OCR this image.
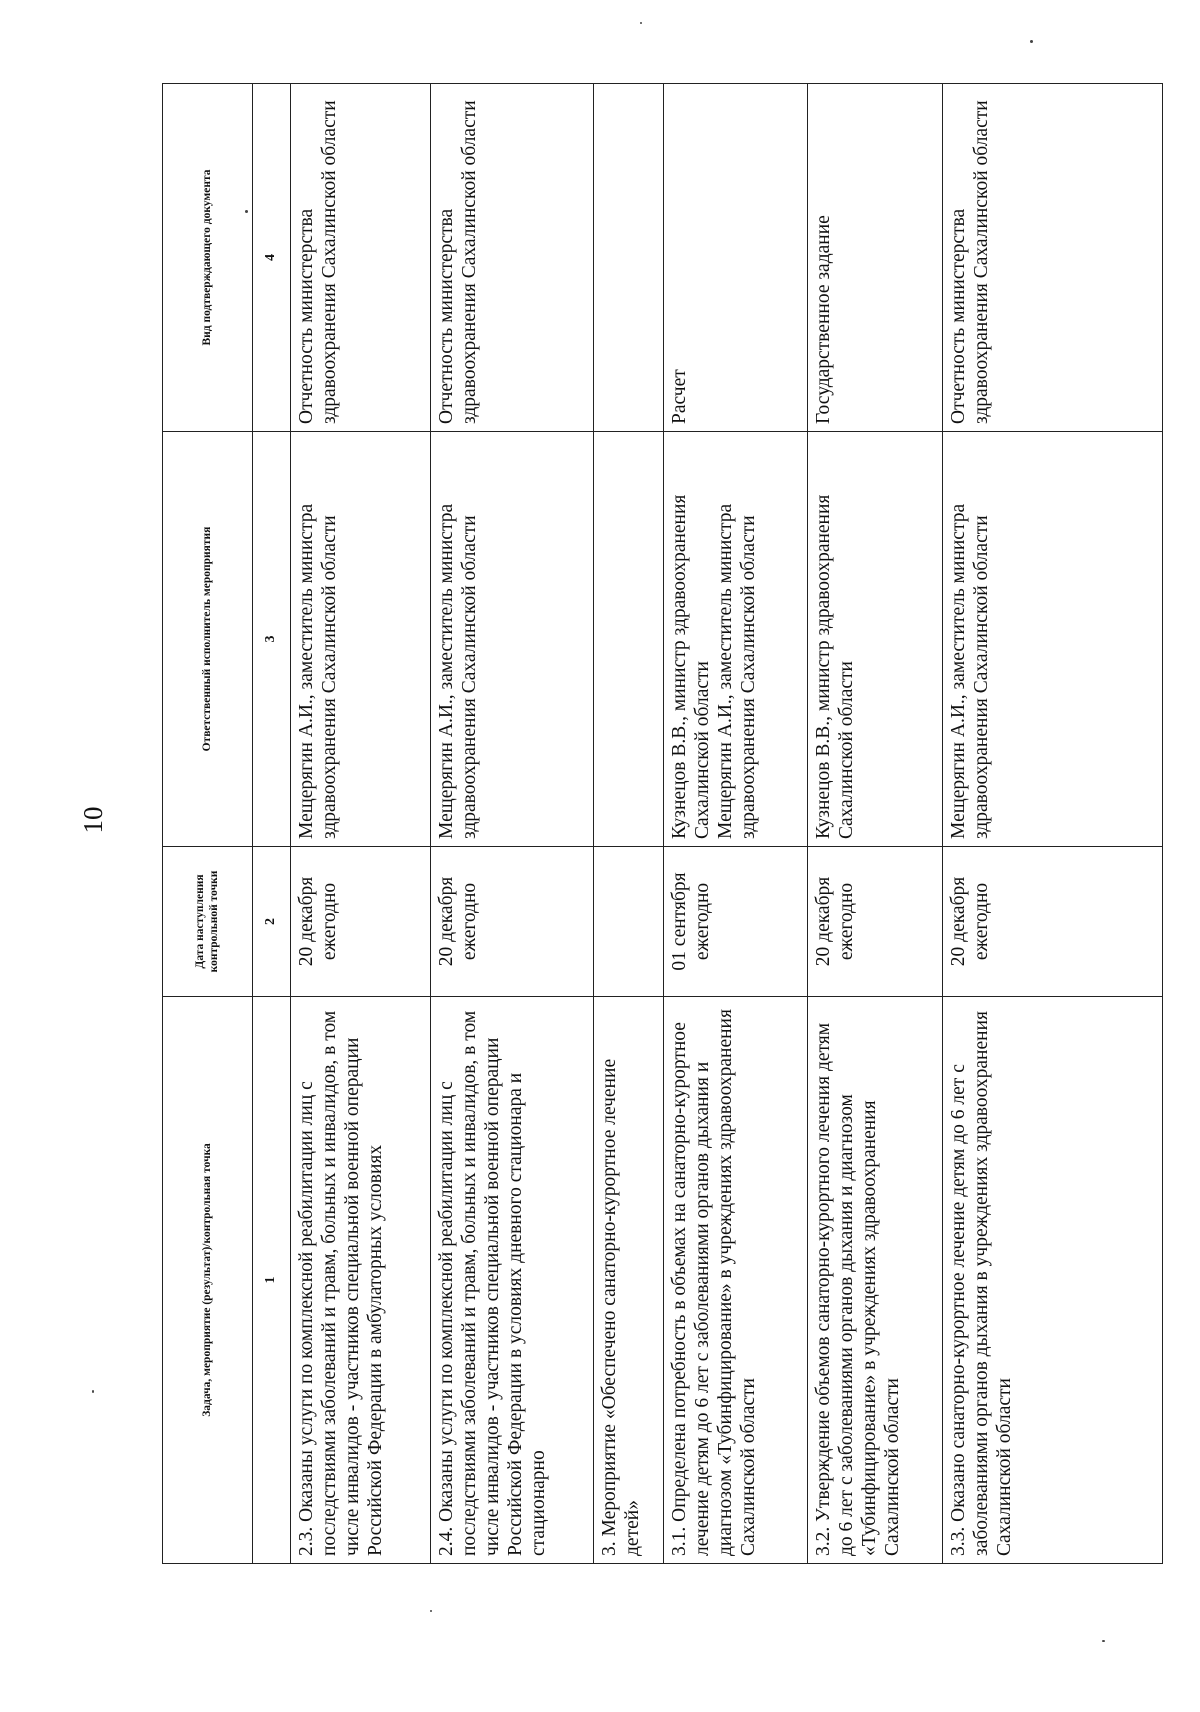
10
Задача, мероприятие (результат)/контрольная точка	Дата наступления контрольной точки	Ответственный исполнитель мероприятия	Вид подтверждающего документа
1	2	3	4
2.3. Оказаны услуги по комплексной реабилитации лиц с последствиями заболеваний и травм, больных и инвалидов, в том числе инвалидов - участников специальной военной операции Российской Федерации в амбулаторных условиях	20 декабря ежегодно	Мещерягин А.И., заместитель министра здравоохранения Сахалинской области	Отчетность министерства здравоохранения Сахалинской области
2.4. Оказаны услуги по комплексной реабилитации лиц с последствиями заболеваний и травм, больных и инвалидов, в том числе инвалидов - участников специальной военной операции Российской Федерации в условиях дневного стационара и стационарно	20 декабря ежегодно	Мещерягин А.И., заместитель министра здравоохранения Сахалинской области	Отчетность министерства здравоохранения Сахалинской области
3. Мероприятие «Обеспечено санаторно-курортное лечение детей»			
3.1. Определена потребность в объемах на санаторно-курортное лечение детям до 6 лет с заболеваниями органов дыхания и диагнозом «Тубинфицирование» в учреждениях здравоохранения Сахалинской области	01 сентября ежегодно	Кузнецов В.В., министр здравоохранения Сахалинской области Мещерягин А.И., заместитель министра здравоохранения Сахалинской области	Расчет
3.2. Утверждение объемов санаторно-курортного лечения детям до 6 лет с заболеваниями органов дыхания и диагнозом «Тубинфицирование» в учреждениях здравоохранения Сахалинской области	20 декабря ежегодно	Кузнецов В.В., министр здравоохранения Сахалинской области	Государственное задание
3.3. Оказано санаторно-курортное лечение детям до 6 лет с заболеваниями органов дыхания в учреждениях здравоохранения Сахалинской области	20 декабря ежегодно	Мещерягин А.И., заместитель министра здравоохранения Сахалинской области	Отчетность министерства здравоохранения Сахалинской области
